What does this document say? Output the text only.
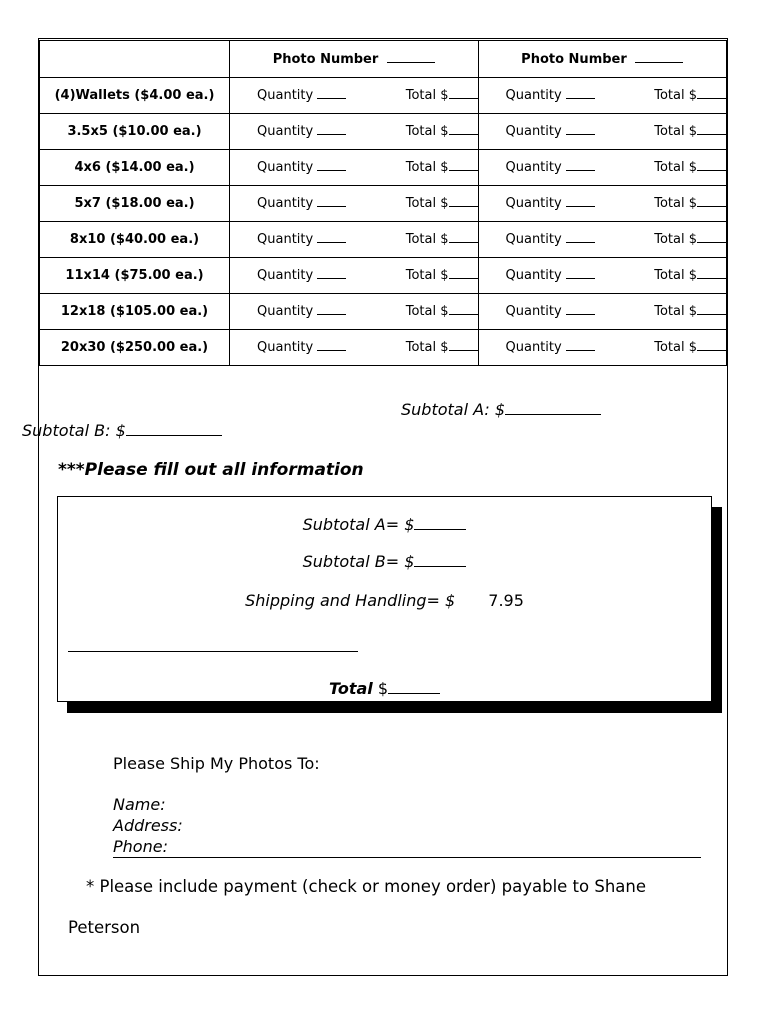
	Photo Number	Photo Number
(4)Wallets ($4.00 ea.)	Quantity Total $	Quantity Total $

3.5x5 ($10.00 ea.)	Quantity Total $	Quantity Total $

4x6 ($14.00 ea.)	Quantity Total $	Quantity Total $

5x7 ($18.00 ea.)	Quantity Total $	Quantity Total $

8x10 ($40.00 ea.)	Quantity Total $	Quantity Total $

11x14 ($75.00 ea.)	Quantity Total $	Quantity Total $

12x18 ($105.00 ea.)	Quantity Total $	Quantity Total $

20x30 ($250.00 ea.)	Quantity Total $	Quantity Total $
Subtotal A: $
Subtotal B: $
***Please fill out all information
Subtotal A= $
Subtotal B= $
Shipping and Handling= $ 7.95
Total $
Please Ship My Photos To:
Name:
Address:
Phone:
* Please include payment (check or money order) payable to Shane
Peterson
